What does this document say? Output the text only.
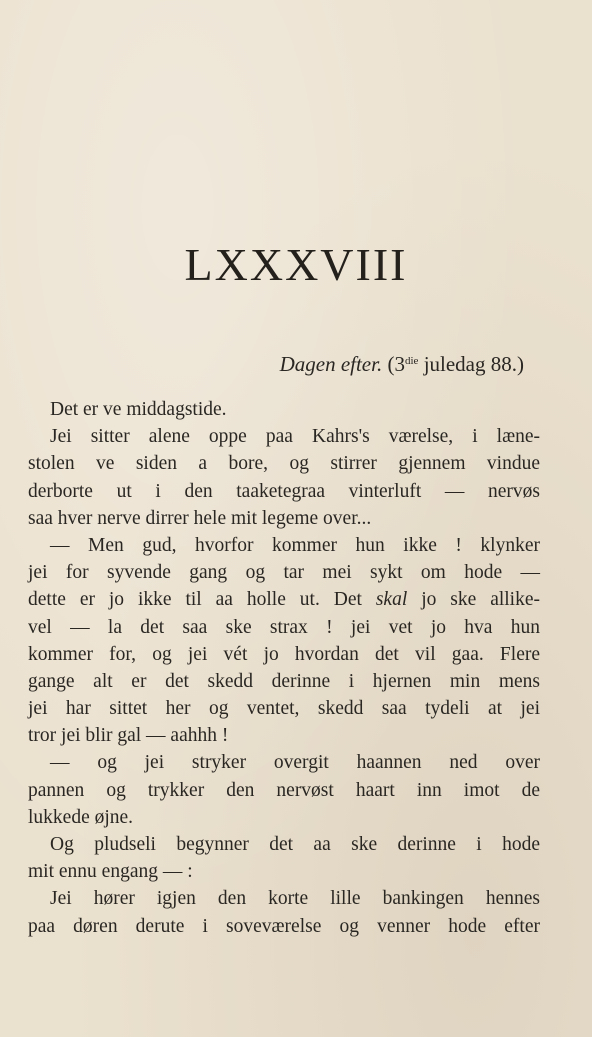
LXXXVIII
Dagen efter. ($3^{die}$ juledag 88.)
Det er ve middagstide.
Jei sitter alene oppe paa Kahrs's værelse, i læne-
stolen ve siden a bore, og stirrer gjennem vindue
derborte ut i den taaketegraa vinterluft — nervøs
saa hver nerve dirrer hele mit legeme over...
— Men gud, hvorfor kommer hun ikke ! klynker
jei for syvende gang og tar mei sykt om hode —
dette er jo ikke til aa holle ut. Det skal jo ske allike-
vel — la det saa ske strax ! jei vet jo hva hun
kommer for, og jei vét jo hvordan det vil gaa. Flere
gange alt er det skedd derinne i hjernen min mens
jei har sittet her og ventet, skedd saa tydeli at jei
tror jei blir gal — aahhh !
— og jei stryker overgit haannen ned over
pannen og trykker den nervøst haart inn imot de
lukkede øjne.
Og pludseli begynner det aa ske derinne i hode
mit ennu engang — :
Jei hører igjen den korte lille bankingen hennes
paa døren derute i soveværelse og venner hode efter
